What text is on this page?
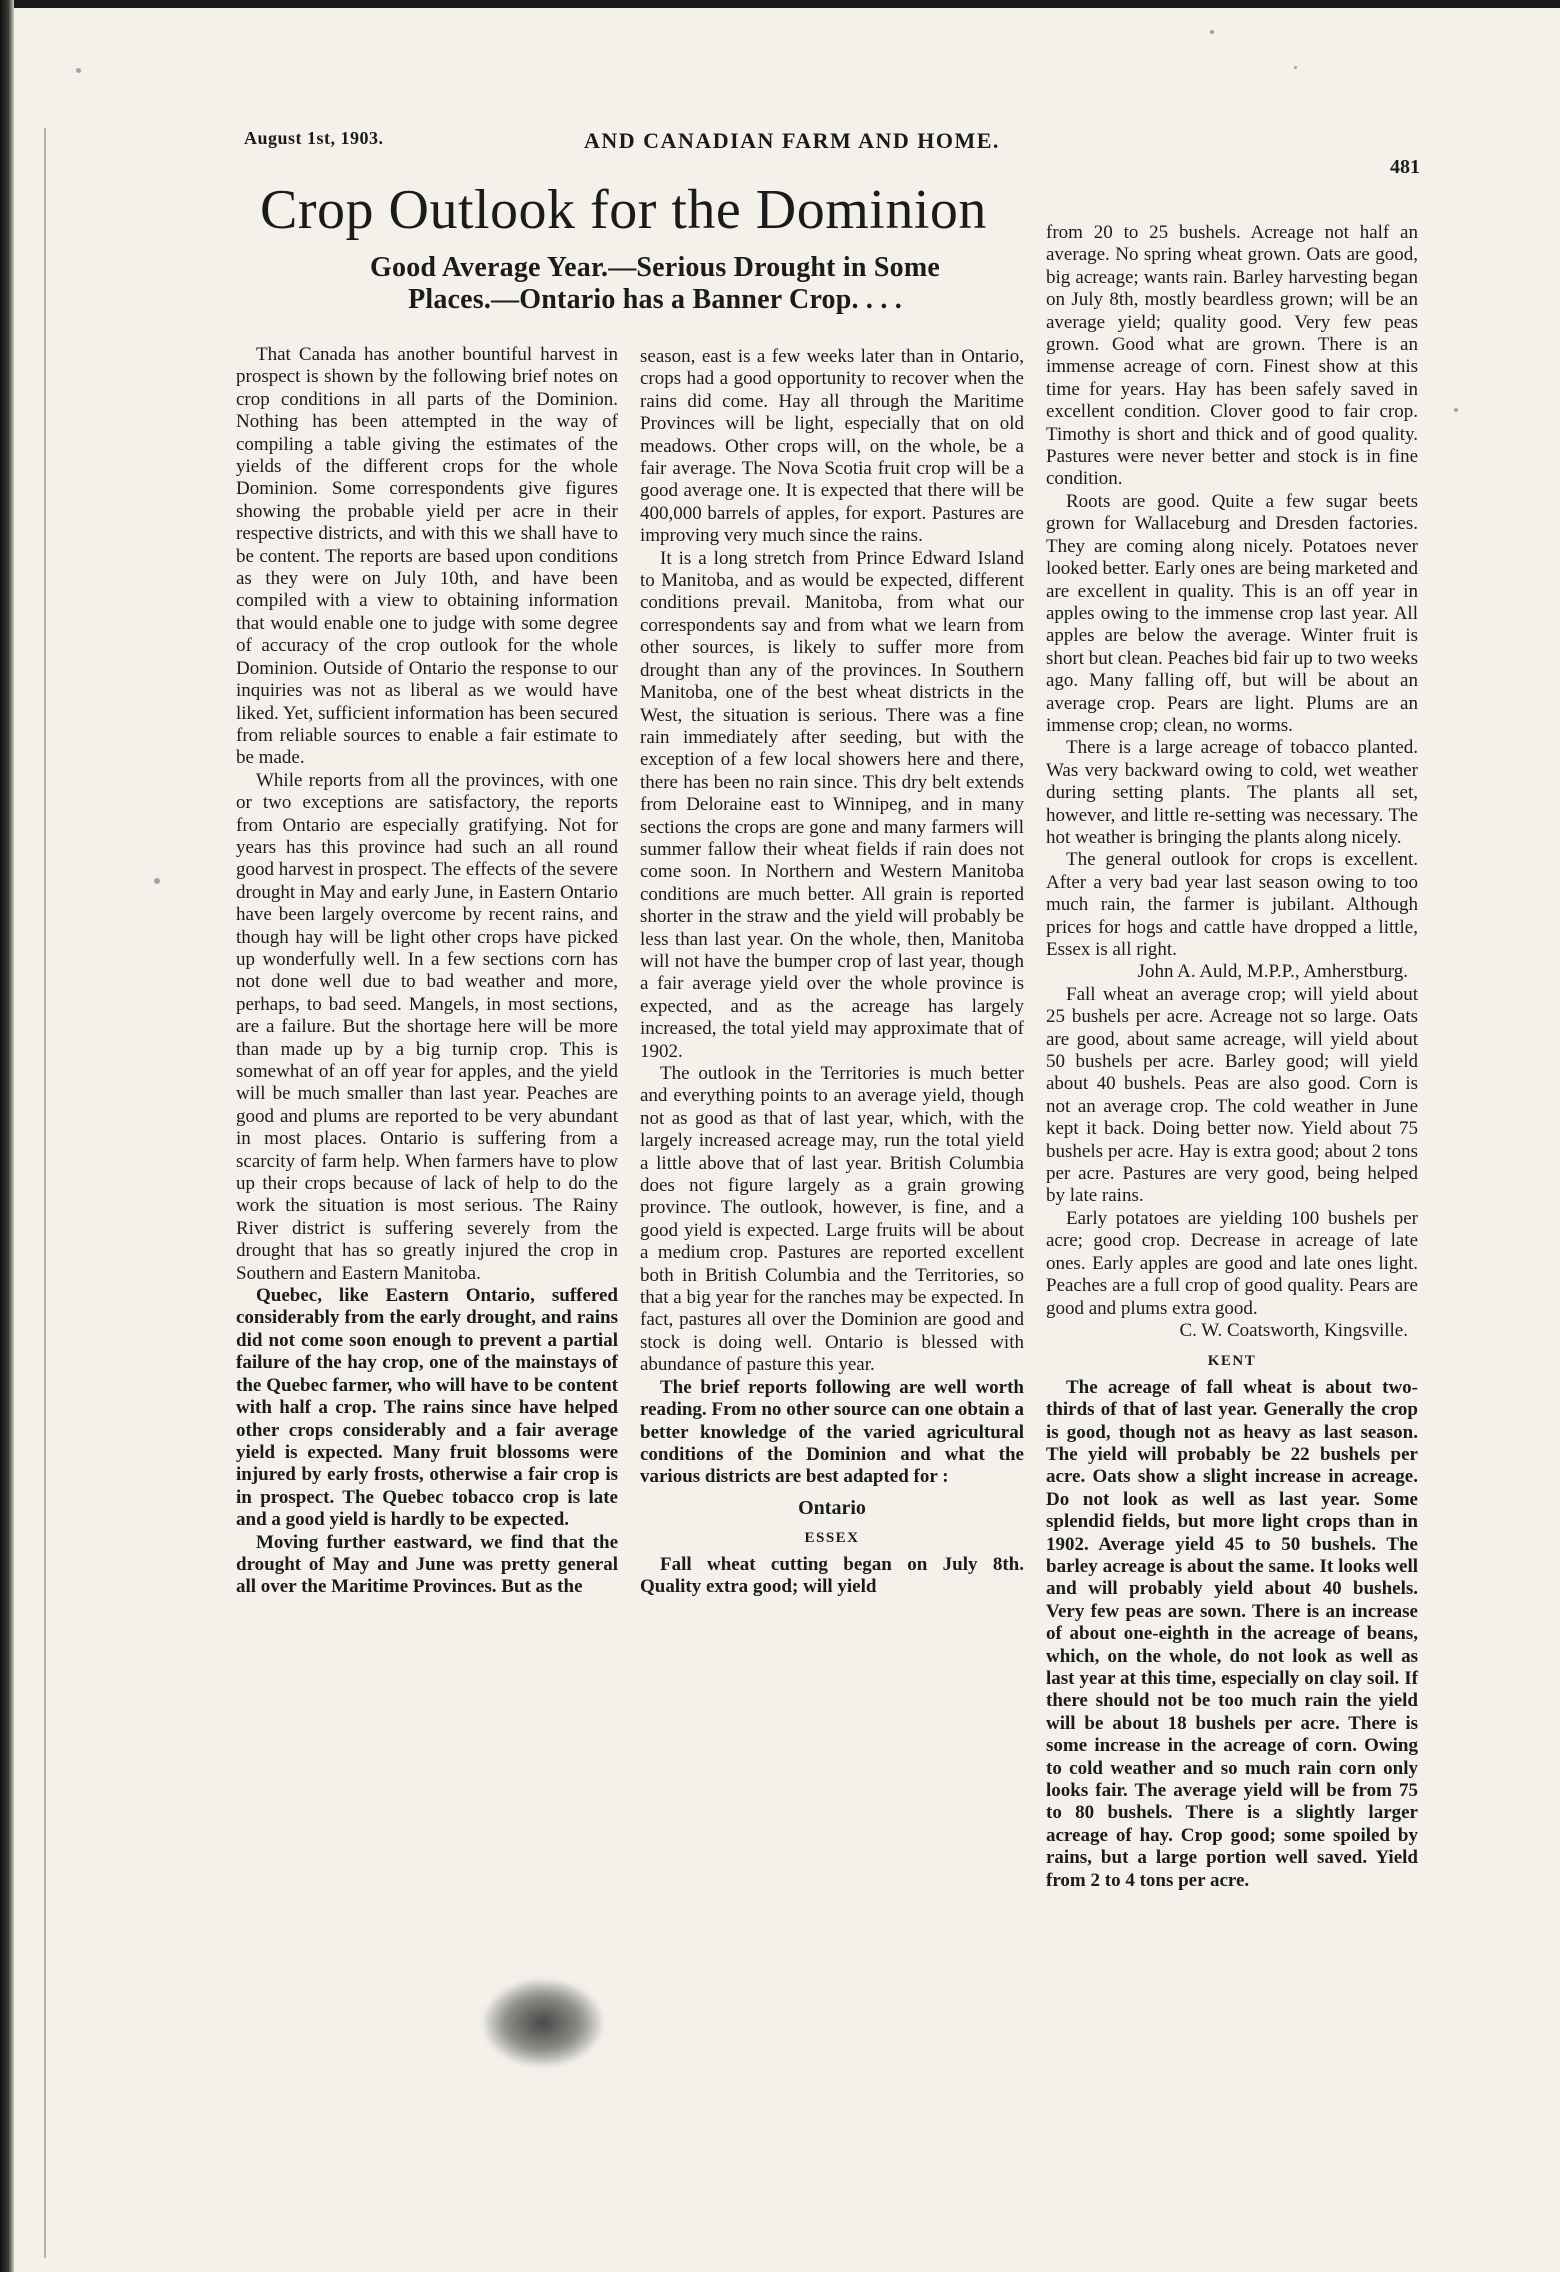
August 1st, 1903.	AND CANADIAN FARM AND HOME.
481
Crop Outlook for the Dominion
Good Average Year.—Serious Drought in Some
Places.—Ontario has a Banner Crop. . . .

That Canada has another bountiful harvest in prospect is shown by the following brief notes on crop conditions in all parts of the Dominion. Nothing has been attempted in the way of compiling a table giving the estimates of the yields of the different crops for the whole Dominion. Some correspondents give figures showing the probable yield per acre in their respective districts, and with this we shall have to be content. The reports are based upon conditions as they were on July 10th, and have been compiled with a view to obtaining information that would enable one to judge with some degree of accuracy of the crop outlook for the whole Dominion. Outside of Ontario the response to our inquiries was not as liberal as we would have liked. Yet, sufficient information has been secured from reliable sources to enable a fair estimate to be made.

While reports from all the provinces, with one or two exceptions are satisfactory, the reports from Ontario are especially gratifying. Not for years has this province had such an all round good harvest in prospect. The effects of the severe drought in May and early June, in Eastern Ontario have been largely overcome by recent rains, and though hay will be light other crops have picked up wonderfully well. In a few sections corn has not done well due to bad weather and more, perhaps, to bad seed. Mangels, in most sections, are a failure. But the shortage here will be more than made up by a big turnip crop. This is somewhat of an off year for apples, and the yield will be much smaller than last year. Peaches are good and plums are reported to be very abundant in most places. Ontario is suffering from a scarcity of farm help. When farmers have to plow up their crops because of lack of help to do the work the situation is most serious. The Rainy River district is suffering severely from the drought that has so greatly injured the crop in Southern and Eastern Manitoba.

Quebec, like Eastern Ontario, suffered considerably from the early drought, and rains did not come soon enough to prevent a partial failure of the hay crop, one of the mainstays of the Quebec farmer, who will have to be content with half a crop. The rains since have helped other crops considerably and a fair average yield is expected. Many fruit blossoms were injured by early frosts, otherwise a fair crop is in prospect. The Quebec tobacco crop is late and a good yield is hardly to be expected.

Moving further eastward, we find that the drought of May and June was pretty general all over the Maritime Provinces. But as the

season, east is a few weeks later than in Ontario, crops had a good opportunity to recover when the rains did come. Hay all through the Maritime Provinces will be light, especially that on old meadows. Other crops will, on the whole, be a fair average. The Nova Scotia fruit crop will be a good average one. It is expected that there will be 400,000 barrels of apples, for export. Pastures are improving very much since the rains.

It is a long stretch from Prince Edward Island to Manitoba, and as would be expected, different conditions prevail. Manitoba, from what our correspondents say and from what we learn from other sources, is likely to suffer more from drought than any of the provinces. In Southern Manitoba, one of the best wheat districts in the West, the situation is serious. There was a fine rain immediately after seeding, but with the exception of a few local showers here and there, there has been no rain since. This dry belt extends from Deloraine east to Winnipeg, and in many sections the crops are gone and many farmers will summer fallow their wheat fields if rain does not come soon. In Northern and Western Manitoba conditions are much better. All grain is reported shorter in the straw and the yield will probably be less than last year. On the whole, then, Manitoba will not have the bumper crop of last year, though a fair average yield over the whole province is expected, and as the acreage has largely increased, the total yield may approximate that of 1902.

The outlook in the Territories is much better and everything points to an average yield, though not as good as that of last year, which, with the largely increased acreage may, run the total yield a little above that of last year. British Columbia does not figure largely as a grain growing province. The outlook, however, is fine, and a good yield is expected. Large fruits will be about a medium crop. Pastures are reported excellent both in British Columbia and the Territories, so that a big year for the ranches may be expected. In fact, pastures all over the Dominion are good and stock is doing well. Ontario is blessed with abundance of pasture this year.

The brief reports following are well worth reading. From no other source can one obtain a better knowledge of the varied agricultural conditions of the Dominion and what the various districts are best adapted for :

Ontario
ESSEX

Fall wheat cutting began on July 8th. Quality extra good; will yield

from 20 to 25 bushels. Acreage not half an average. No spring wheat grown. Oats are good, big acreage; wants rain. Barley harvesting began on July 8th, mostly beardless grown; will be an average yield; quality good. Very few peas grown. Good what are grown. There is an immense acreage of corn. Finest show at this time for years. Hay has been safely saved in excellent condition. Clover good to fair crop. Timothy is short and thick and of good quality. Pastures were never better and stock is in fine condition.

Roots are good. Quite a few sugar beets grown for Wallaceburg and Dresden factories. They are coming along nicely. Potatoes never looked better. Early ones are being marketed and are excellent in quality. This is an off year in apples owing to the immense crop last year. All apples are below the average. Winter fruit is short but clean. Peaches bid fair up to two weeks ago. Many falling off, but will be about an average crop. Pears are light. Plums are an immense crop; clean, no worms.

There is a large acreage of tobacco planted. Was very backward owing to cold, wet weather during setting plants. The plants all set, however, and little re-setting was necessary. The hot weather is bringing the plants along nicely.

The general outlook for crops is excellent. After a very bad year last season owing to too much rain, the farmer is jubilant. Although prices for hogs and cattle have dropped a little, Essex is all right.

John A. Auld, M.P.P., Amherstburg.

Fall wheat an average crop; will yield about 25 bushels per acre. Acreage not so large. Oats are good, about same acreage, will yield about 50 bushels per acre. Barley good; will yield about 40 bushels. Peas are also good. Corn is not an average crop. The cold weather in June kept it back. Doing better now. Yield about 75 bushels per acre. Hay is extra good; about 2 tons per acre. Pastures are very good, being helped by late rains.

Early potatoes are yielding 100 bushels per acre; good crop. Decrease in acreage of late ones. Early apples are good and late ones light. Peaches are a full crop of good quality. Pears are good and plums extra good.

C. W. Coatsworth, Kingsville.

KENT

The acreage of fall wheat is about two-thirds of that of last year. Generally the crop is good, though not as heavy as last season. The yield will probably be 22 bushels per acre. Oats show a slight increase in acreage. Do not look as well as last year. Some splendid fields, but more light crops than in 1902. Average yield 45 to 50 bushels. The barley acreage is about the same. It looks well and will probably yield about 40 bushels. Very few peas are sown. There is an increase of about one-eighth in the acreage of beans, which, on the whole, do not look as well as last year at this time, especially on clay soil. If there should not be too much rain the yield will be about 18 bushels per acre. There is some increase in the acreage of corn. Owing to cold weather and so much rain corn only looks fair. The average yield will be from 75 to 80 bushels. There is a slightly larger acreage of hay. Crop good; some spoiled by rains, but a large portion well saved. Yield from 2 to 4 tons per acre.
